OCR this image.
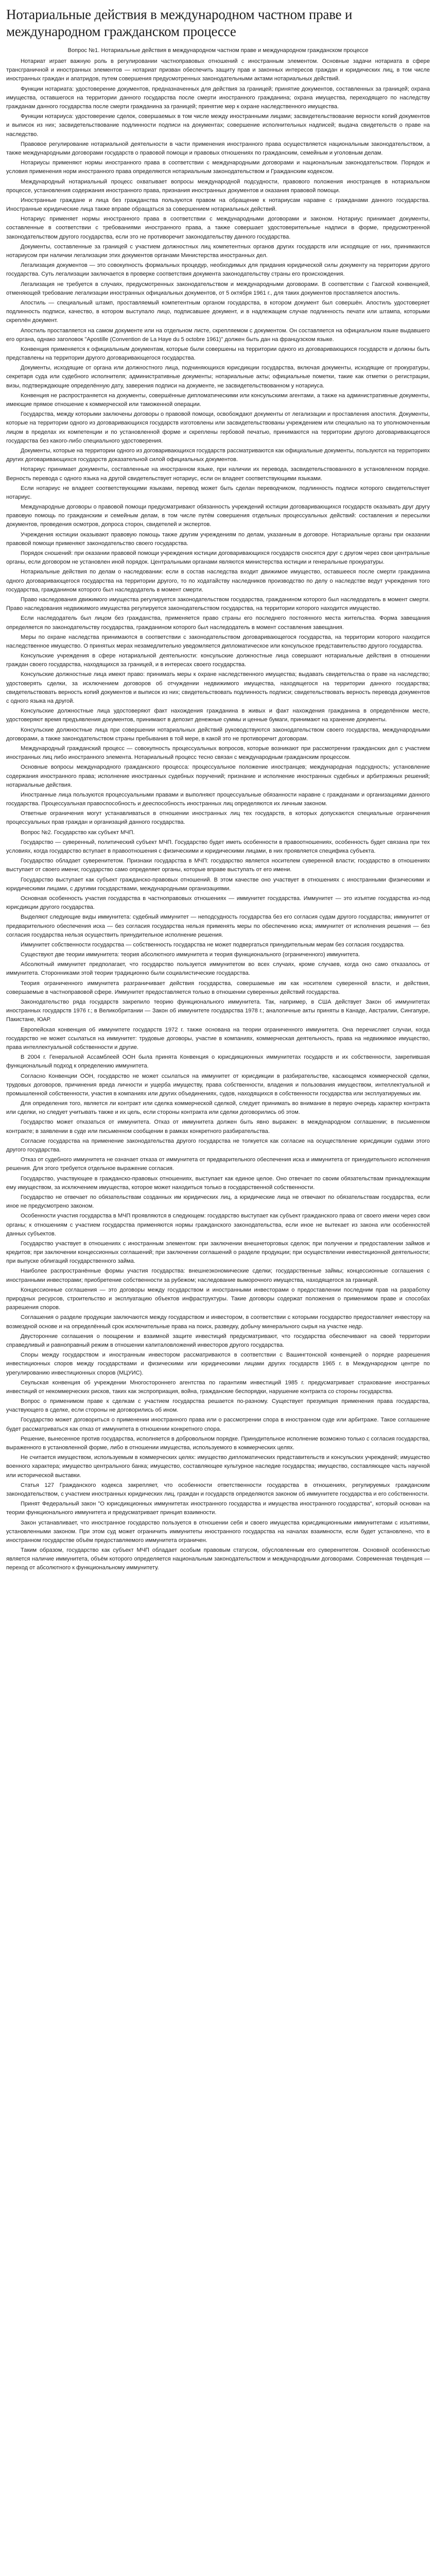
Нотариальные действия в международном частном праве и международном гражданском процессе

Вопрос №1. Нотариальные действия в международном частном праве и международном гражданском процессе

Нотариат играет важную роль в регулировании частноправовых отношений с иностранным элементом. Основные задачи нотариата в сфере трансграничной и иностранных элементов — нотариат призван обеспечить защиту прав и законных интересов граждан и юридических лиц, в том числе иностранных граждан и апатридов, путем совершения предусмотренных законодательными актами нотариальных действий.

Функции нотариата: удостоверение документов, предназначенных для действия за границей; принятие документов, составленных за границей; охрана имущества, оставшегося на территории данного государства после смерти иностранного гражданина; охрана имущества, переходящего по наследству гражданам данного государства после смерти гражданина за границей; принятие мер к охране наследственного имущества.

Функции нотариуса: удостоверение сделок, совершаемых в том числе между иностранными лицами; засвидетельствование верности копий документов и выписок из них; засвидетельствование подлинности подписи на документах; совершение исполнительных надписей; выдача свидетельств о праве на наследство.

Правовое регулирование нотариальной деятельности в части применения иностранного права осуществляется национальным законодательством, а также международными договорами государств о правовой помощи и правовых отношениях по гражданским, семейным и уголовным делам.

Нотариусы применяют нормы иностранного права в соответствии с международными договорами и национальным законодательством. Порядок и условия применения норм иностранного права определяются нотариальным законодательством и Гражданским кодексом.

Международный нотариальный процесс охватывает вопросы международной подсудности, правового положения иностранцев в нотариальном процессе, установления содержания иностранного права, признания иностранных документов и оказания правовой помощи.

Иностранные граждане и лица без гражданства пользуются правом на обращение к нотариусам наравне с гражданами данного государства. Иностранные юридические лица также вправе обращаться за совершением нотариальных действий.

Нотариус применяет нормы иностранного права в соответствии с международными договорами и законом. Нотариус принимает документы, составленные в соответствии с требованиями иностранного права, а также совершает удостоверительные надписи в форме, предусмотренной законодательством другого государства, если это не противоречит законодательству данного государства.

Документы, составленные за границей с участием должностных лиц компетентных органов других государств или исходящие от них, принимаются нотариусом при наличии легализации этих документов органами Министерства иностранных дел.

Легализация документов — это совокупность формальных процедур, необходимых для придания юридической силы документу на территории другого государства. Суть легализации заключается в проверке соответствия документа законодательству страны его происхождения.

Легализация не требуется в случаях, предусмотренных законодательством и международными договорами. В соответствии с Гаагской конвенцией, отменяющей требование легализации иностранных официальных документов, от 5 октября 1961 г., для таких документов проставляется апостиль.

Апостиль — специальный штамп, проставляемый компетентным органом государства, в котором документ был совершён. Апостиль удостоверяет подлинность подписи, качество, в котором выступало лицо, подписавшее документ, и в надлежащем случае подлинность печати или штампа, которыми скреплён документ.

Апостиль проставляется на самом документе или на отдельном листе, скрепляемом с документом. Он составляется на официальном языке выдавшего его органа, однако заголовок "Apostille (Convention de La Haye du 5 octobre 1961)" должен быть дан на французском языке.

Конвенция применяется к официальным документам, которые были совершены на территории одного из договаривающихся государств и должны быть представлены на территории другого договаривающегося государства.

Документы, исходящие от органа или должностного лица, подчиняющихся юрисдикции государства, включая документы, исходящие от прокуратуры, секретаря суда или судебного исполнителя; административные документы; нотариальные акты; официальные пометки, такие как отметки о регистрации, визы, подтверждающие определённую дату, заверения подписи на документе, не засвидетельствованном у нотариуса.

Конвенция не распространяется на документы, совершённые дипломатическими или консульскими агентами, а также на административные документы, имеющие прямое отношение к коммерческой или таможенной операции.

Государства, между которыми заключены договоры о правовой помощи, освобождают документы от легализации и проставления апостиля. Документы, которые на территории одного из договаривающихся государств изготовлены или засвидетельствованы учреждением или специально на то уполномоченным лицом в пределах их компетенции и по установленной форме и скреплены гербовой печатью, принимаются на территории другого договаривающегося государства без какого-либо специального удостоверения.

Документы, которые на территории одного из договаривающихся государств рассматриваются как официальные документы, пользуются на территориях других договаривающихся государств доказательной силой официальных документов.

Нотариус принимает документы, составленные на иностранном языке, при наличии их перевода, засвидетельствованного в установленном порядке. Верность перевода с одного языка на другой свидетельствует нотариус, если он владеет соответствующими языками.

Если нотариус не владеет соответствующими языками, перевод может быть сделан переводчиком, подлинность подписи которого свидетельствует нотариус.

Международные договоры о правовой помощи предусматривают обязанность учреждений юстиции договаривающихся государств оказывать друг другу правовую помощь по гражданским и семейным делам, в том числе путём совершения отдельных процессуальных действий: составления и пересылки документов, проведения осмотров, допроса сторон, свидетелей и экспертов.

Учреждения юстиции оказывают правовую помощь также другим учреждениям по делам, указанным в договоре. Нотариальные органы при оказании правовой помощи применяют законодательство своего государства.

Порядок сношений: при оказании правовой помощи учреждения юстиции договаривающихся государств сносятся друг с другом через свои центральные органы, если договором не установлен иной порядок. Центральными органами являются министерства юстиции и генеральные прокуратуры.

Нотариальные действия по делам о наследовании: если в состав наследства входит движимое имущество, оставшееся после смерти гражданина одного договаривающегося государства на территории другого, то по ходатайству наследников производство по делу о наследстве ведут учреждения того государства, гражданином которого был наследодатель в момент смерти.

Право наследования движимого имущества регулируется законодательством государства, гражданином которого был наследодатель в момент смерти. Право наследования недвижимого имущества регулируется законодательством государства, на территории которого находится имущество.

Если наследодатель был лицом без гражданства, применяется право страны его последнего постоянного места жительства. Форма завещания определяется по законодательству государства, гражданином которого был наследодатель в момент составления завещания.

Меры по охране наследства принимаются в соответствии с законодательством договаривающегося государства, на территории которого находится наследственное имущество. О принятых мерах незамедлительно уведомляется дипломатическое или консульское представительство другого государства.

Консульские учреждения в сфере нотариальной деятельности: консульские должностные лица совершают нотариальные действия в отношении граждан своего государства, находящихся за границей, и в интересах своего государства.

Консульские должностные лица имеют право: принимать меры к охране наследственного имущества; выдавать свидетельства о праве на наследство; удостоверять сделки, за исключением договоров об отчуждении недвижимого имущества, находящегося на территории данного государства; свидетельствовать верность копий документов и выписок из них; свидетельствовать подлинность подписи; свидетельствовать верность перевода документов с одного языка на другой.

Консульские должностные лица удостоверяют факт нахождения гражданина в живых и факт нахождения гражданина в определённом месте, удостоверяют время предъявления документов, принимают в депозит денежные суммы и ценные бумаги, принимают на хранение документы.

Консульские должностные лица при совершении нотариальных действий руководствуются законодательством своего государства, международными договорами, а также законодательством страны пребывания в той мере, в какой это не противоречит договорам.

Международный гражданский процесс — совокупность процессуальных вопросов, которые возникают при рассмотрении гражданских дел с участием иностранных лиц либо иностранного элемента. Нотариальный процесс тесно связан с международным гражданским процессом.

Основные вопросы международного гражданского процесса: процессуальное положение иностранцев; международная подсудность; установление содержания иностранного права; исполнение иностранных судебных поручений; признание и исполнение иностранных судебных и арбитражных решений; нотариальные действия.

Иностранные лица пользуются процессуальными правами и выполняют процессуальные обязанности наравне с гражданами и организациями данного государства. Процессуальная правоспособность и дееспособность иностранных лиц определяются их личным законом.

Ответные ограничения могут устанавливаться в отношении иностранных лиц тех государств, в которых допускаются специальные ограничения процессуальных прав граждан и организаций данного государства.

Вопрос №2. Государство как субъект МЧП.

Государство — суверенный, политический субъект МЧП. Государство будет иметь особенности в правоотношениях, особенность будет связана при тех условиях, когда государство вступает в правоотношения с физическими и юридическими лицами, в них проявляется специфика субъекта.

Государство обладает суверенитетом. Признаки государства в МЧП: государство является носителем суверенной власти; государство в отношениях выступает от своего имени; государство само определяет органы, которые вправе выступать от его имени.

Государство выступает как субъект гражданско-правовых отношений. В этом качестве оно участвует в отношениях с иностранными физическими и юридическими лицами, с другими государствами, международными организациями.

Основная особенность участия государства в частноправовых отношениях — иммунитет государства. Иммунитет — это изъятие государства из-под юрисдикции другого государства.

Выделяют следующие виды иммунитета: судебный иммунитет — неподсудность государства без его согласия судам другого государства; иммунитет от предварительного обеспечения иска — без согласия государства нельзя применять меры по обеспечению иска; иммунитет от исполнения решения — без согласия государства нельзя осуществить принудительное исполнение решения.

Иммунитет собственности государства — собственность государства не может подвергаться принудительным мерам без согласия государства.

Существуют две теории иммунитета: теория абсолютного иммунитета и теория функционального (ограниченного) иммунитета.

Абсолютный иммунитет предполагает, что государство пользуется иммунитетом во всех случаях, кроме случаев, когда оно само отказалось от иммунитета. Сторонниками этой теории традиционно были социалистические государства.

Теория ограниченного иммунитета разграничивает действия государства, совершаемые им как носителем суверенной власти, и действия, совершаемые в частноправовой сфере. Иммунитет предоставляется только в отношении суверенных действий государства.

Законодательство ряда государств закрепило теорию функционального иммунитета. Так, например, в США действует Закон об иммунитетах иностранных государств 1976 г.; в Великобритании — Закон об иммунитете государства 1978 г.; аналогичные акты приняты в Канаде, Австралии, Сингапуре, Пакистане, ЮАР.

Европейская конвенция об иммунитете государств 1972 г. также основана на теории ограниченного иммунитета. Она перечисляет случаи, когда государство не может ссылаться на иммунитет: трудовые договоры, участие в компаниях, коммерческая деятельность, права на недвижимое имущество, права интеллектуальной собственности и другие.

В 2004 г. Генеральной Ассамблеей ООН была принята Конвенция о юрисдикционных иммунитетах государств и их собственности, закрепившая функциональный подход к определению иммунитета.

Согласно Конвенции ООН, государство не может ссылаться на иммунитет от юрисдикции в разбирательстве, касающемся коммерческой сделки, трудовых договоров, причинения вреда личности и ущерба имуществу, права собственности, владения и пользования имуществом, интеллектуальной и промышленной собственности, участия в компаниях или других объединениях, судов, находящихся в собственности государства или эксплуатируемых им.

Для определения того, является ли контракт или сделка коммерческой сделкой, следует принимать во внимание в первую очередь характер контракта или сделки, но следует учитывать также и их цель, если стороны контракта или сделки договорились об этом.

Государство может отказаться от иммунитета. Отказ от иммунитета должен быть явно выражен: в международном соглашении; в письменном контракте; в заявлении в суде или письменном сообщении в рамках конкретного разбирательства.

Согласие государства на применение законодательства другого государства не толкуется как согласие на осуществление юрисдикции судами этого другого государства.

Отказ от судебного иммунитета не означает отказа от иммунитета от предварительного обеспечения иска и иммунитета от принудительного исполнения решения. Для этого требуется отдельное выражение согласия.

Государство, участвующее в гражданско-правовых отношениях, выступает как единое целое. Оно отвечает по своим обязательствам принадлежащим ему имуществом, за исключением имущества, которое может находиться только в государственной собственности.

Государство не отвечает по обязательствам созданных им юридических лиц, а юридические лица не отвечают по обязательствам государства, если иное не предусмотрено законом.

Особенности участия государства в МЧП проявляются в следующем: государство выступает как субъект гражданского права от своего имени через свои органы; к отношениям с участием государства применяются нормы гражданского законодательства, если иное не вытекает из закона или особенностей данных субъектов.

Государство участвует в отношениях с иностранным элементом: при заключении внешнеторговых сделок; при получении и предоставлении займов и кредитов; при заключении концессионных соглашений; при заключении соглашений о разделе продукции; при осуществлении инвестиционной деятельности; при выпуске облигаций государственного займа.

Наиболее распространённые формы участия государства: внешнеэкономические сделки; государственные займы; концессионные соглашения с иностранными инвесторами; приобретение собственности за рубежом; наследование выморочного имущества, находящегося за границей.

Концессионные соглашения — это договоры между государством и иностранными инвесторами о предоставлении последним прав на разработку природных ресурсов, строительство и эксплуатацию объектов инфраструктуры. Такие договоры содержат положения о применимом праве и способах разрешения споров.

Соглашения о разделе продукции заключаются между государством и инвестором, в соответствии с которыми государство предоставляет инвестору на возмездной основе и на определённый срок исключительные права на поиск, разведку, добычу минерального сырья на участке недр.

Двусторонние соглашения о поощрении и взаимной защите инвестиций предусматривают, что государства обеспечивают на своей территории справедливый и равноправный режим в отношении капиталовложений инвесторов другого государства.

Споры между государством и иностранным инвестором рассматриваются в соответствии с Вашингтонской конвенцией о порядке разрешения инвестиционных споров между государствами и физическими или юридическими лицами других государств 1965 г. в Международном центре по урегулированию инвестиционных споров (МЦУИС).

Сеульская конвенция об учреждении Многостороннего агентства по гарантиям инвестиций 1985 г. предусматривает страхование иностранных инвестиций от некоммерческих рисков, таких как экспроприация, война, гражданские беспорядки, нарушение контракта со стороны государства.

Вопрос о применимом праве к сделкам с участием государства решается по-разному. Существует презумпция применения права государства, участвующего в сделке, если стороны не договорились об ином.

Государство может договориться о применении иностранного права или о рассмотрении спора в иностранном суде или арбитраже. Такое соглашение будет рассматриваться как отказ от иммунитета в отношении конкретного спора.

Решение, вынесенное против государства, исполняется в добровольном порядке. Принудительное исполнение возможно только с согласия государства, выраженного в установленной форме, либо в отношении имущества, используемого в коммерческих целях.

Не считается имуществом, используемым в коммерческих целях: имущество дипломатических представительств и консульских учреждений; имущество военного характера; имущество центрального банка; имущество, составляющее культурное наследие государства; имущество, составляющее часть научной или исторической выставки.

Статья 127 Гражданского кодекса закрепляет, что особенности ответственности государства в отношениях, регулируемых гражданским законодательством, с участием иностранных юридических лиц, граждан и государств определяются законом об иммунитете государства и его собственности.

Принят Федеральный закон "О юрисдикционных иммунитетах иностранного государства и имущества иностранного государства", который основан на теории функционального иммунитета и предусматривает принцип взаимности.

Закон устанавливает, что иностранное государство пользуется в отношении себя и своего имущества юрисдикционными иммунитетами с изъятиями, установленными законом. При этом суд может ограничить иммунитеты иностранного государства на началах взаимности, если будет установлено, что в иностранном государстве объём предоставляемого иммунитета ограничен.

Таким образом, государство как субъект МЧП обладает особым правовым статусом, обусловленным его суверенитетом. Основной особенностью является наличие иммунитета, объём которого определяется национальным законодательством и международными договорами. Современная тенденция — переход от абсолютного к функциональному иммунитету.
